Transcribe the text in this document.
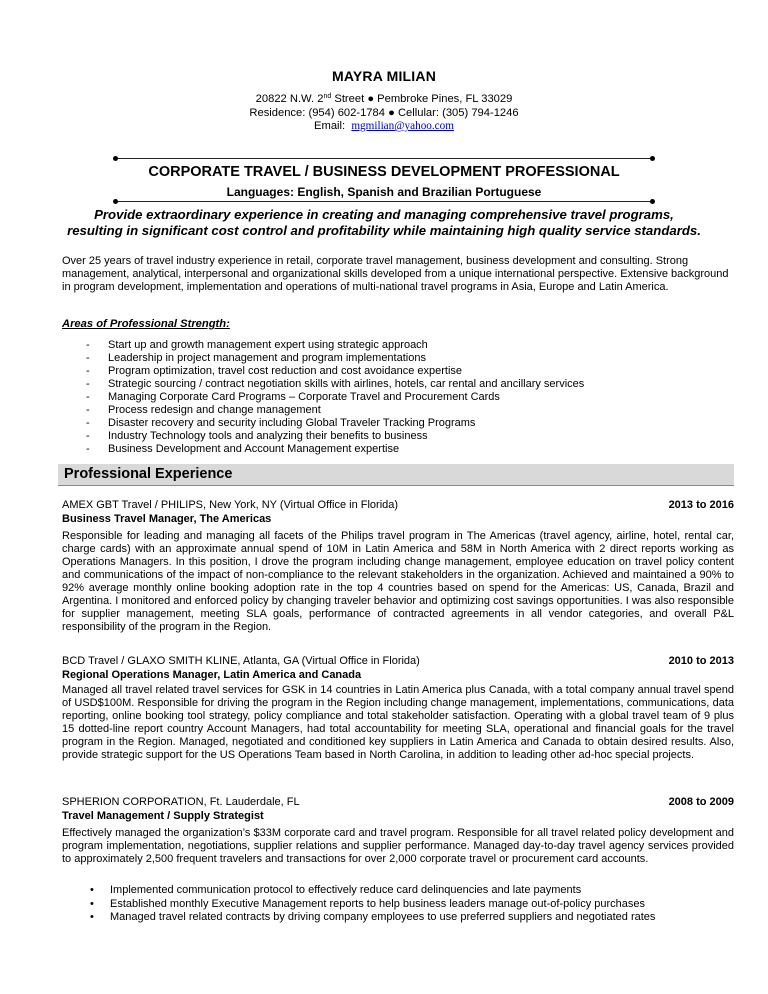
MAYRA MILIAN
20822 N.W. 2nd Street ● Pembroke Pines, FL 33029
Residence: (954) 602-1784 ● Cellular: (305) 794-1246
Email: mgmilian@yahoo.com
CORPORATE TRAVEL / BUSINESS DEVELOPMENT PROFESSIONAL
Languages: English, Spanish and Brazilian Portuguese
Provide extraordinary experience in creating and managing comprehensive travel programs,
resulting in significant cost control and profitability while maintaining high quality service standards.
Over 25 years of travel industry experience in retail, corporate travel management, business development and consulting. Strong management, analytical, interpersonal and organizational skills developed from a unique international perspective. Extensive background in program development, implementation and operations of multi-national travel programs in Asia, Europe and Latin America.
Areas of Professional Strength:
- Start up and growth management expert using strategic approach
- Leadership in project management and program implementations
- Program optimization, travel cost reduction and cost avoidance expertise
- Strategic sourcing / contract negotiation skills with airlines, hotels, car rental and ancillary services
- Managing Corporate Card Programs – Corporate Travel and Procurement Cards
- Process redesign and change management
- Disaster recovery and security including Global Traveler Tracking Programs
- Industry Technology tools and analyzing their benefits to business
- Business Development and Account Management expertise
Professional Experience
AMEX GBT Travel / PHILIPS, New York, NY (Virtual Office in Florida)	2013 to 2016
Business Travel Manager, The Americas
Responsible for leading and managing all facets of the Philips travel program in The Americas (travel agency, airline, hotel, rental car, charge cards) with an approximate annual spend of 10M in Latin America and 58M in North America with 2 direct reports working as Operations Managers. In this position, I drove the program including change management, employee education on travel policy content and communications of the impact of non-compliance to the relevant stakeholders in the organization. Achieved and maintained a 90% to 92% average monthly online booking adoption rate in the top 4 countries based on spend for the Americas: US, Canada, Brazil and Argentina. I monitored and enforced policy by changing traveler behavior and optimizing cost savings opportunities. I was also responsible for supplier management, meeting SLA goals, performance of contracted agreements in all vendor categories, and overall P&L responsibility of the program in the Region.
BCD Travel / GLAXO SMITH KLINE, Atlanta, GA (Virtual Office in Florida)	2010 to 2013
Regional Operations Manager, Latin America and Canada
Managed all travel related travel services for GSK in 14 countries in Latin America plus Canada, with a total company annual travel spend of USD$100M. Responsible for driving the program in the Region including change management, implementations, communications, data reporting, online booking tool strategy, policy compliance and total stakeholder satisfaction. Operating with a global travel team of 9 plus 15 dotted-line report country Account Managers, had total accountability for meeting SLA, operational and financial goals for the travel program in the Region. Managed, negotiated and conditioned key suppliers in Latin America and Canada to obtain desired results. Also, provide strategic support for the US Operations Team based in North Carolina, in addition to leading other ad-hoc special projects.
SPHERION CORPORATION, Ft. Lauderdale, FL	2008 to 2009
Travel Management / Supply Strategist
Effectively managed the organization’s $33M corporate card and travel program. Responsible for all travel related policy development and program implementation, negotiations, supplier relations and supplier performance. Managed day-to-day travel agency services provided to approximately 2,500 frequent travelers and transactions for over 2,000 corporate travel or procurement card accounts.
• Implemented communication protocol to effectively reduce card delinquencies and late payments
• Established monthly Executive Management reports to help business leaders manage out-of-policy purchases
• Managed travel related contracts by driving company employees to use preferred suppliers and negotiated rates
